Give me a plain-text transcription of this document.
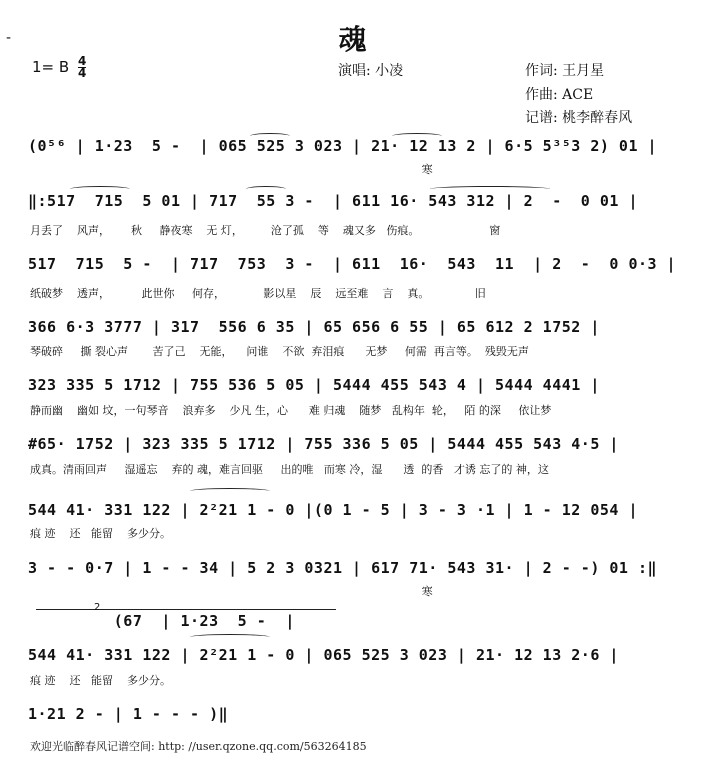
魂
-
1= B 4
4	演唱: 小凌	作词: 王月星
作曲: ACE
记谱: 桃李醉春风
(0⁵⁶ | 1·23  5 -  | 065 525 3 023 | 21· 12 13 2 | 6·5 5³⁵3 2) 01 |
寒
‖:517  715  5 01 | 717  55 3 -  | 611 16· 543 312 | 2  -  0 01 |
月丢了    风声，      秋     静夜寒    无 灯，        沧了孤    等    魂又多   伤痕。                    窗
517  715  5 -  | 717  753  3 -  | 611  16·  543  11  | 2  -  0 0·3 |
纸破梦    透声，         此世你     何存，           影以星    辰    远至难    言    真。             旧
366 6·3 3777 | 317  556 6 35 | 65 656 6 55 | 65 612 2 1752 |
琴破碎     撕 裂心声       苦了己    无能，    问谁    不欲  弃泪痕      无梦     何需  再言等。  残毁无声
323 335 5 1712 | 755 536 5 05 | 5444 455 543 4 | 5444 4441 |
静而幽    幽如 坟，一句琴音    浪弃多    少凡 生，心      难 归魂    随梦   乱构年  轮，   陌 的深     依让梦
#65· 1752 | 323 335 5 1712 | 755 336 5 05 | 5444 455 543 4·5 |
成真。清雨回声     湿遥忘    弃的 魂，难言回驱     出的唯   而寒 冷，湿      透  的香   才诱 忘了的 神，这
544 41· 331 122 | 2²21 1 - 0 |(0 1 - 5 | 3 - 3 ·1 | 1 - 12 054 |
痕 迹    还   能留    多少分。
3 - - 0·7 | 1 - - 34 | 5 2 3 0321 | 617 71· 543 31· | 2 - -) 01 :‖
寒
2
(67  | 1·23  5 -  |
544 41· 331 122 | 2²21 1 - 0 | 065 525 3 023 | 21· 12 13 2·6 |
痕 迹    还   能留    多少分。
1·21 2 - | 1 - - - )‖
欢迎光临醉春风记谱空间: http: //user.qzone.qq.com/563264185
